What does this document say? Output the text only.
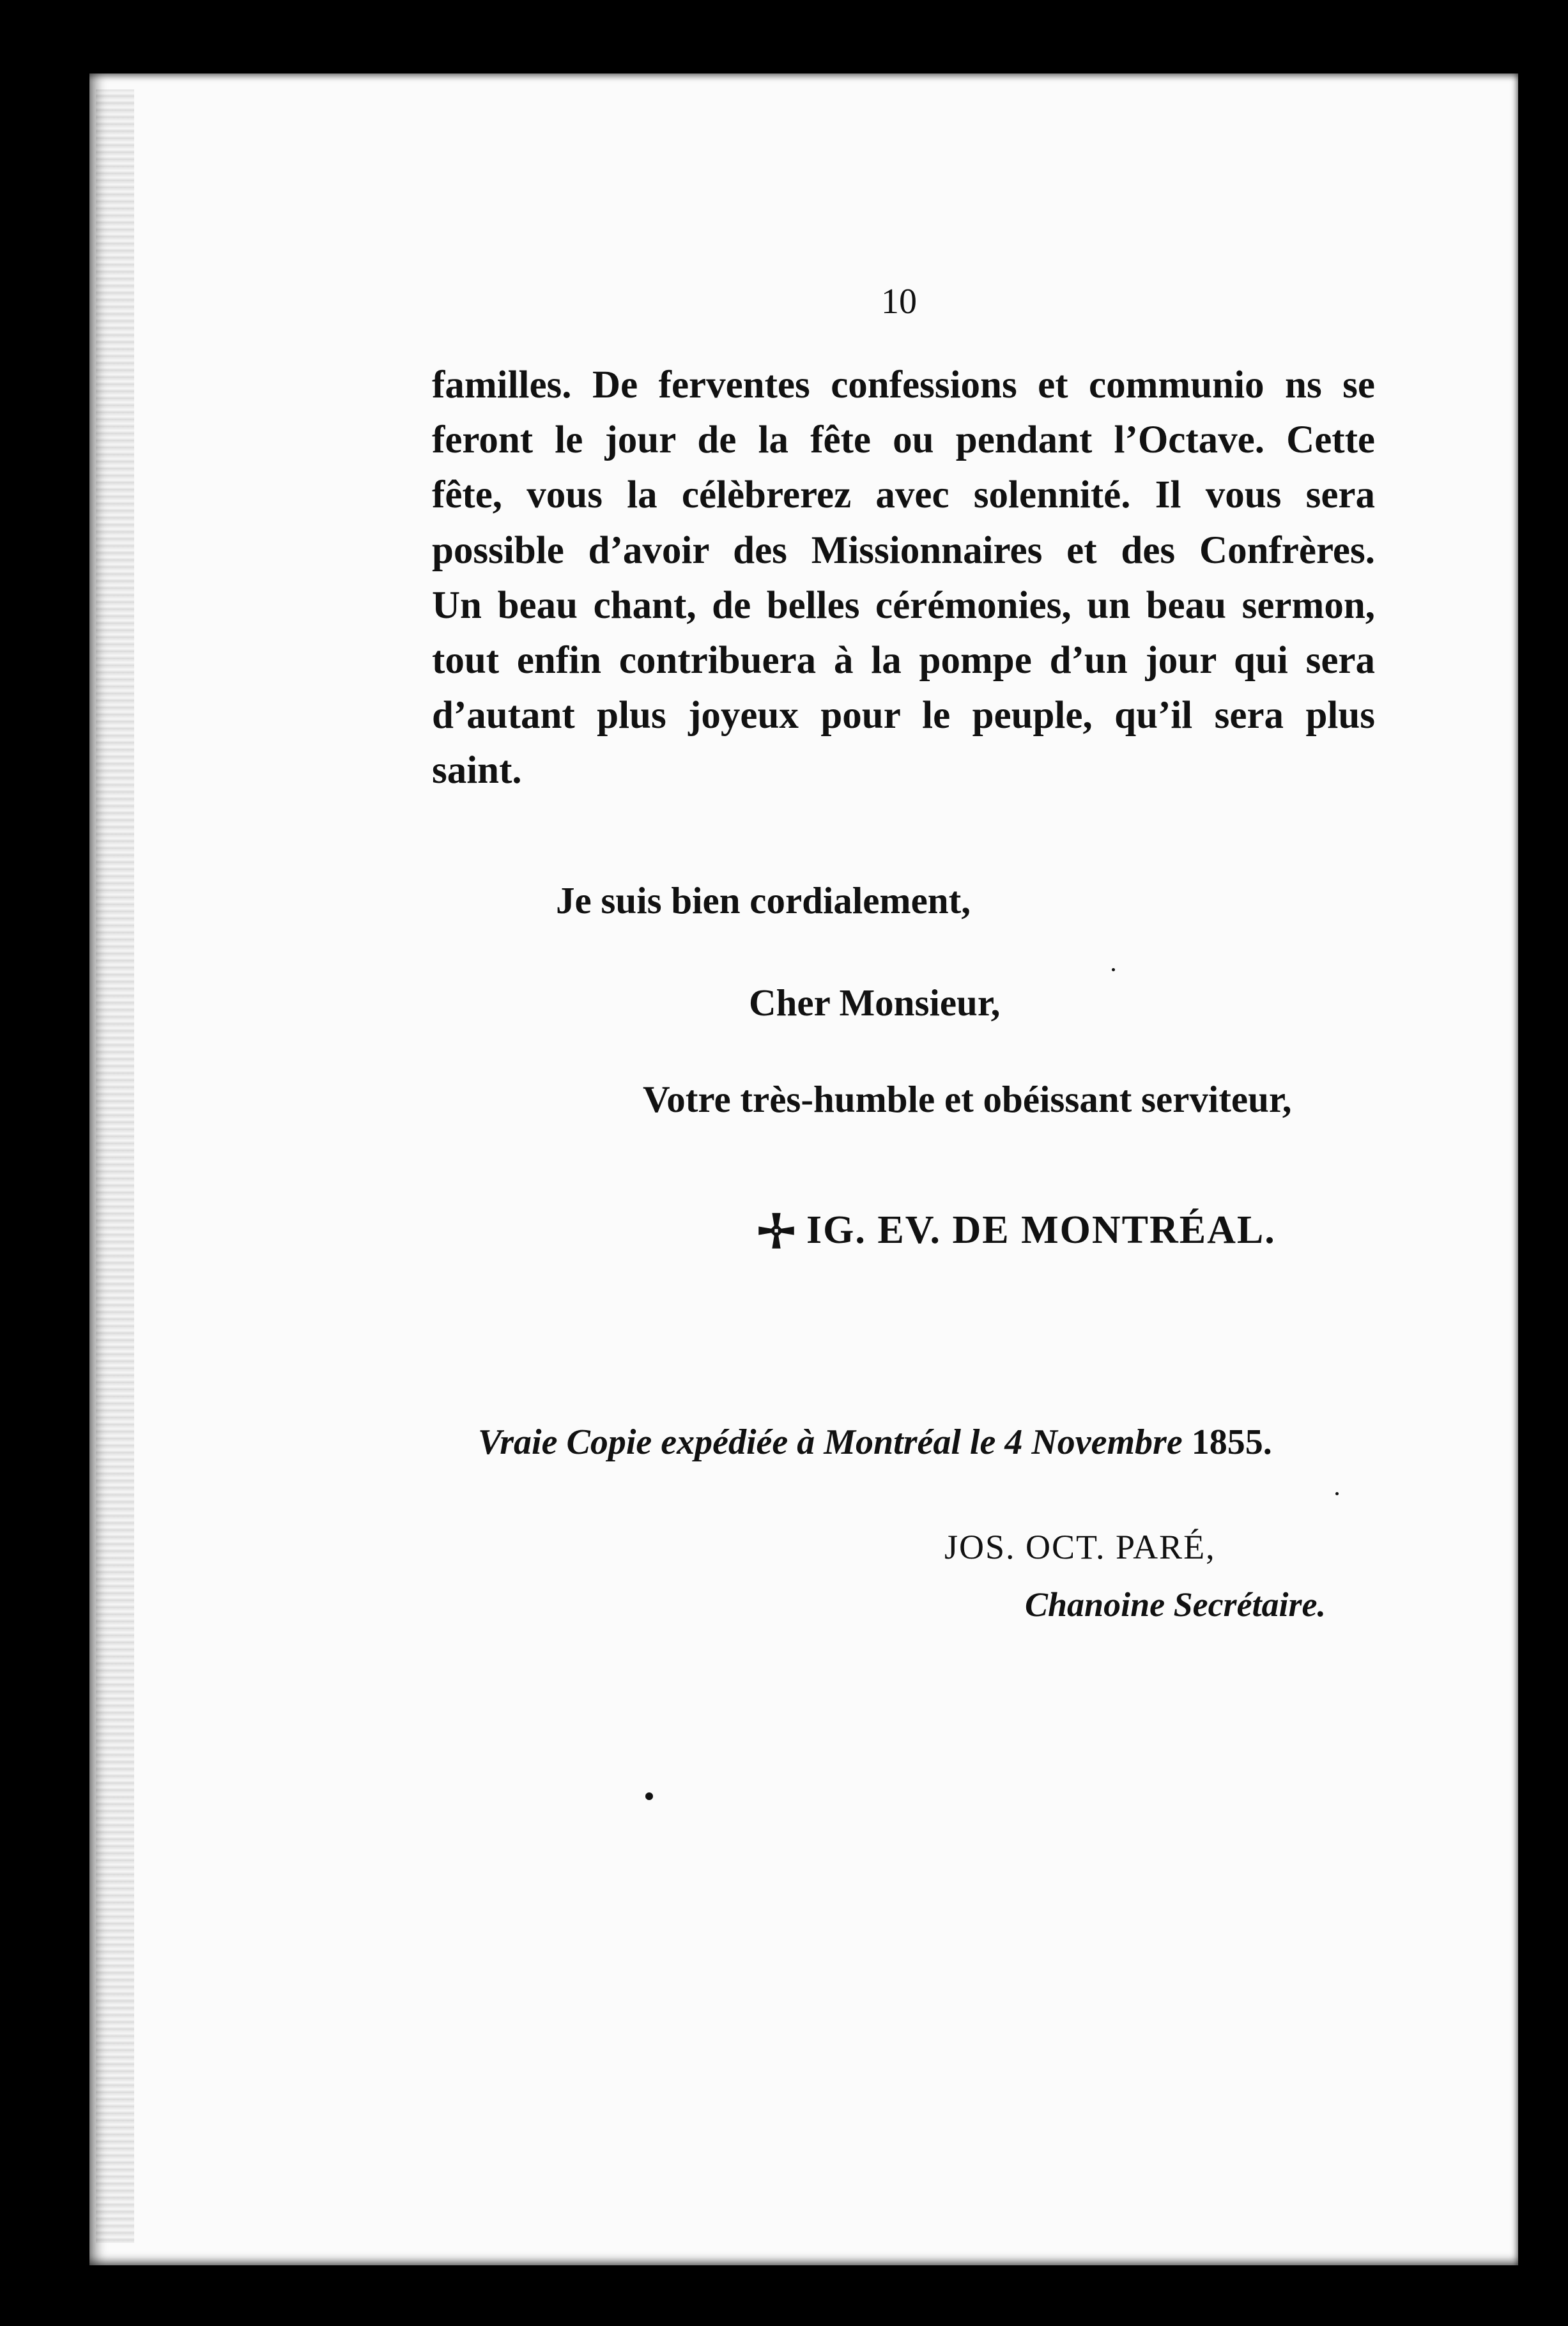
10
familles. De ferventes confessions et communio ns se
feront le jour de la fête ou pendant l’Octave. Cette
fête, vous la célèbrerez avec solennité. Il vous sera
possible d’avoir des Missionnaires et des Confrères.
Un beau chant, de belles cérémonies, un beau sermon,
tout enfin contribuera à la pompe d’un jour qui sera
d’autant plus joyeux pour le peuple, qu’il sera plus
saint.
Je suis bien cordialement,
Cher Monsieur,
Votre très-humble et obéissant serviteur,
IG. EV. DE MONTRÉAL.
Vraie Copie expédiée à Montréal le 4 Novembre 1855.
JOS. OCT. PARÉ,
Chanoine Secrétaire.
